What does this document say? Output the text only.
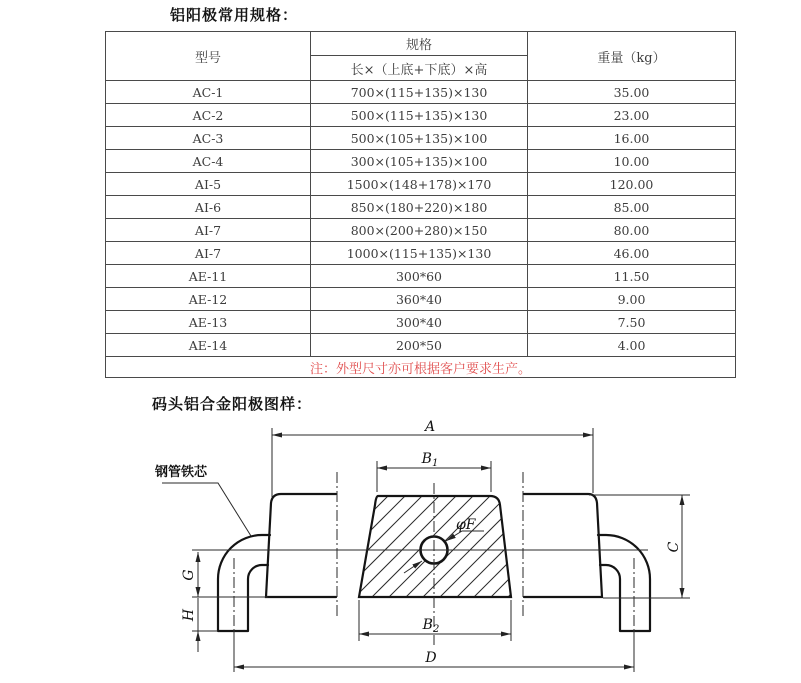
铝阳极常用规格：
型号	规格	重量（kg）
	长×（上底+下底）×高	
AC-1	700×(115+135)×130	35.00
AC-2	500×(115+135)×130	23.00
AC-3	500×(105+135)×100	16.00
AC-4	300×(105+135)×100	10.00
AI-5	1500×(148+178)×170	120.00
AI-6	850×(180+220)×180	85.00
AI-7	800×(200+280)×150	80.00
AI-7	1000×(115+135)×130	46.00
AE-11	300*60	11.50
AE-12	360*40	9.00
AE-13	300*40	7.50
AE-14	200*50	4.00
注：外型尺寸亦可根据客户要求生产。		
码头铝合金阳极图样：
A
$B_1$
$B_2$
C
D
G
H
φF
钢管铁芯
